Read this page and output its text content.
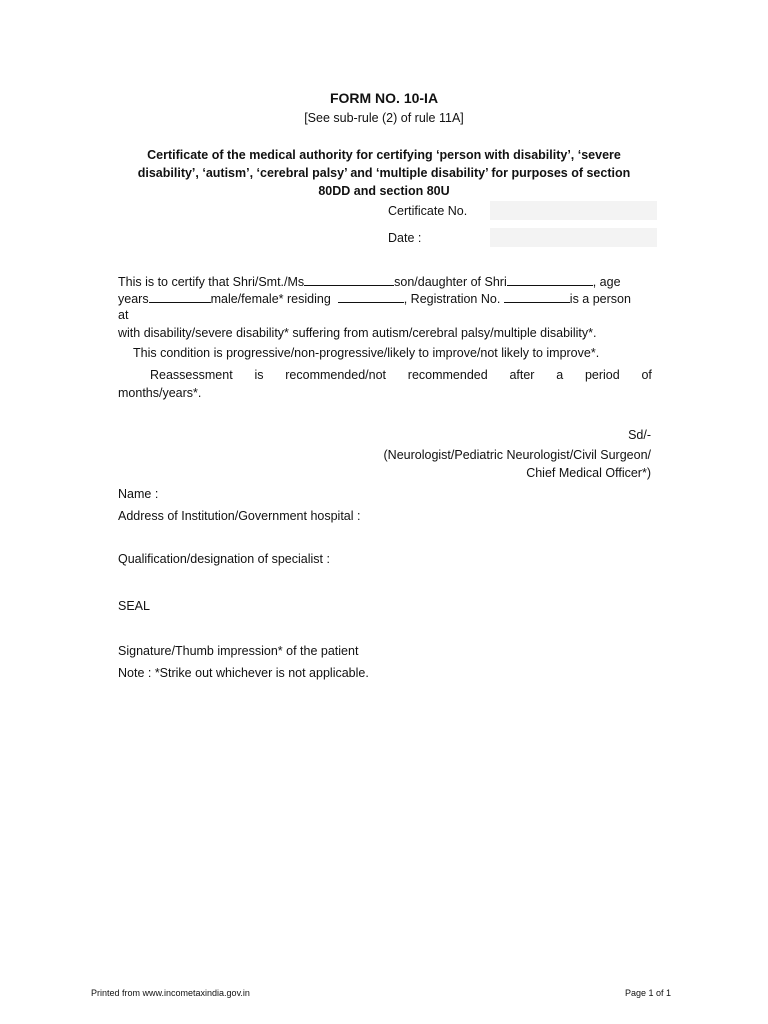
FORM NO. 10-IA
[See sub-rule (2) of rule 11A]
Certificate of the medical authority for certifying ‘person with disability’, ‘severe
disability’, ‘autism’, ‘cerebral palsy’ and ‘multiple disability’ for purposes of section
80DD and section 80U
Certificate No.
Date :
This is to certify that Shri/Smt./Ms	son/daughter of Shri	, age
years	male/female* residing	, Registration No.	is a person
at
with disability/severe disability* suffering from autism/cerebral palsy/multiple disability*.
This condition is progressive/non-progressive/likely to improve/not likely to improve*.
Reassessment is recommended/not recommended after a period of
months/years*.
Sd/-
(Neurologist/Pediatric Neurologist/Civil Surgeon/
Chief Medical Officer*)
Name :
Address of Institution/Government hospital :
Qualification/designation of specialist :
SEAL
Signature/Thumb impression* of the patient
Note : *Strike out whichever is not applicable.
Printed from www.incometaxindia.gov.in	Page 1 of 1
